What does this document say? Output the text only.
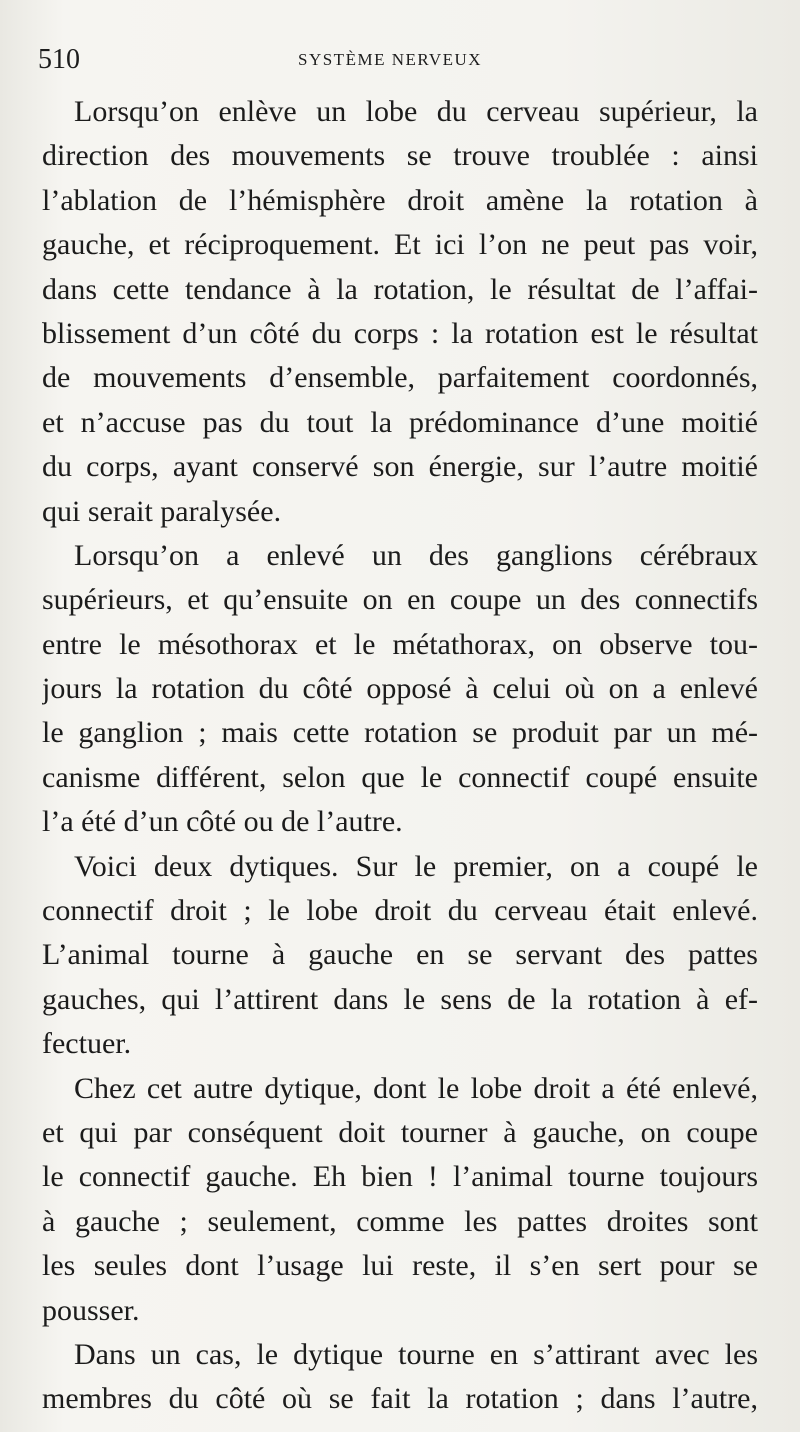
510	SYSTÈME NERVEUX
Lorsqu’on enlève un lobe du cerveau supérieur, la
direction des mouvements se trouve troublée : ainsi
l’ablation de l’hémisphère droit amène la rotation à
gauche, et réciproquement. Et ici l’on ne peut pas voir,
dans cette tendance à la rotation, le résultat de l’affai-
blissement d’un côté du corps : la rotation est le résultat
de mouvements d’ensemble, parfaitement coordonnés,
et n’accuse pas du tout la prédominance d’une moitié
du corps, ayant conservé son énergie, sur l’autre moitié
qui serait paralysée.
Lorsqu’on a enlevé un des ganglions cérébraux
supérieurs, et qu’ensuite on en coupe un des connectifs
entre le mésothorax et le métathorax, on observe tou-
jours la rotation du côté opposé à celui où on a enlevé
le ganglion ; mais cette rotation se produit par un mé-
canisme différent, selon que le connectif coupé ensuite
l’a été d’un côté ou de l’autre.
Voici deux dytiques. Sur le premier, on a coupé le
connectif droit ; le lobe droit du cerveau était enlevé.
L’animal tourne à gauche en se servant des pattes
gauches, qui l’attirent dans le sens de la rotation à ef-
fectuer.
Chez cet autre dytique, dont le lobe droit a été enlevé,
et qui par conséquent doit tourner à gauche, on coupe
le connectif gauche. Eh bien ! l’animal tourne toujours
à gauche ; seulement, comme les pattes droites sont
les seules dont l’usage lui reste, il s’en sert pour se
pousser.
Dans un cas, le dytique tourne en s’attirant avec les
membres du côté où se fait la rotation ; dans l’autre,
